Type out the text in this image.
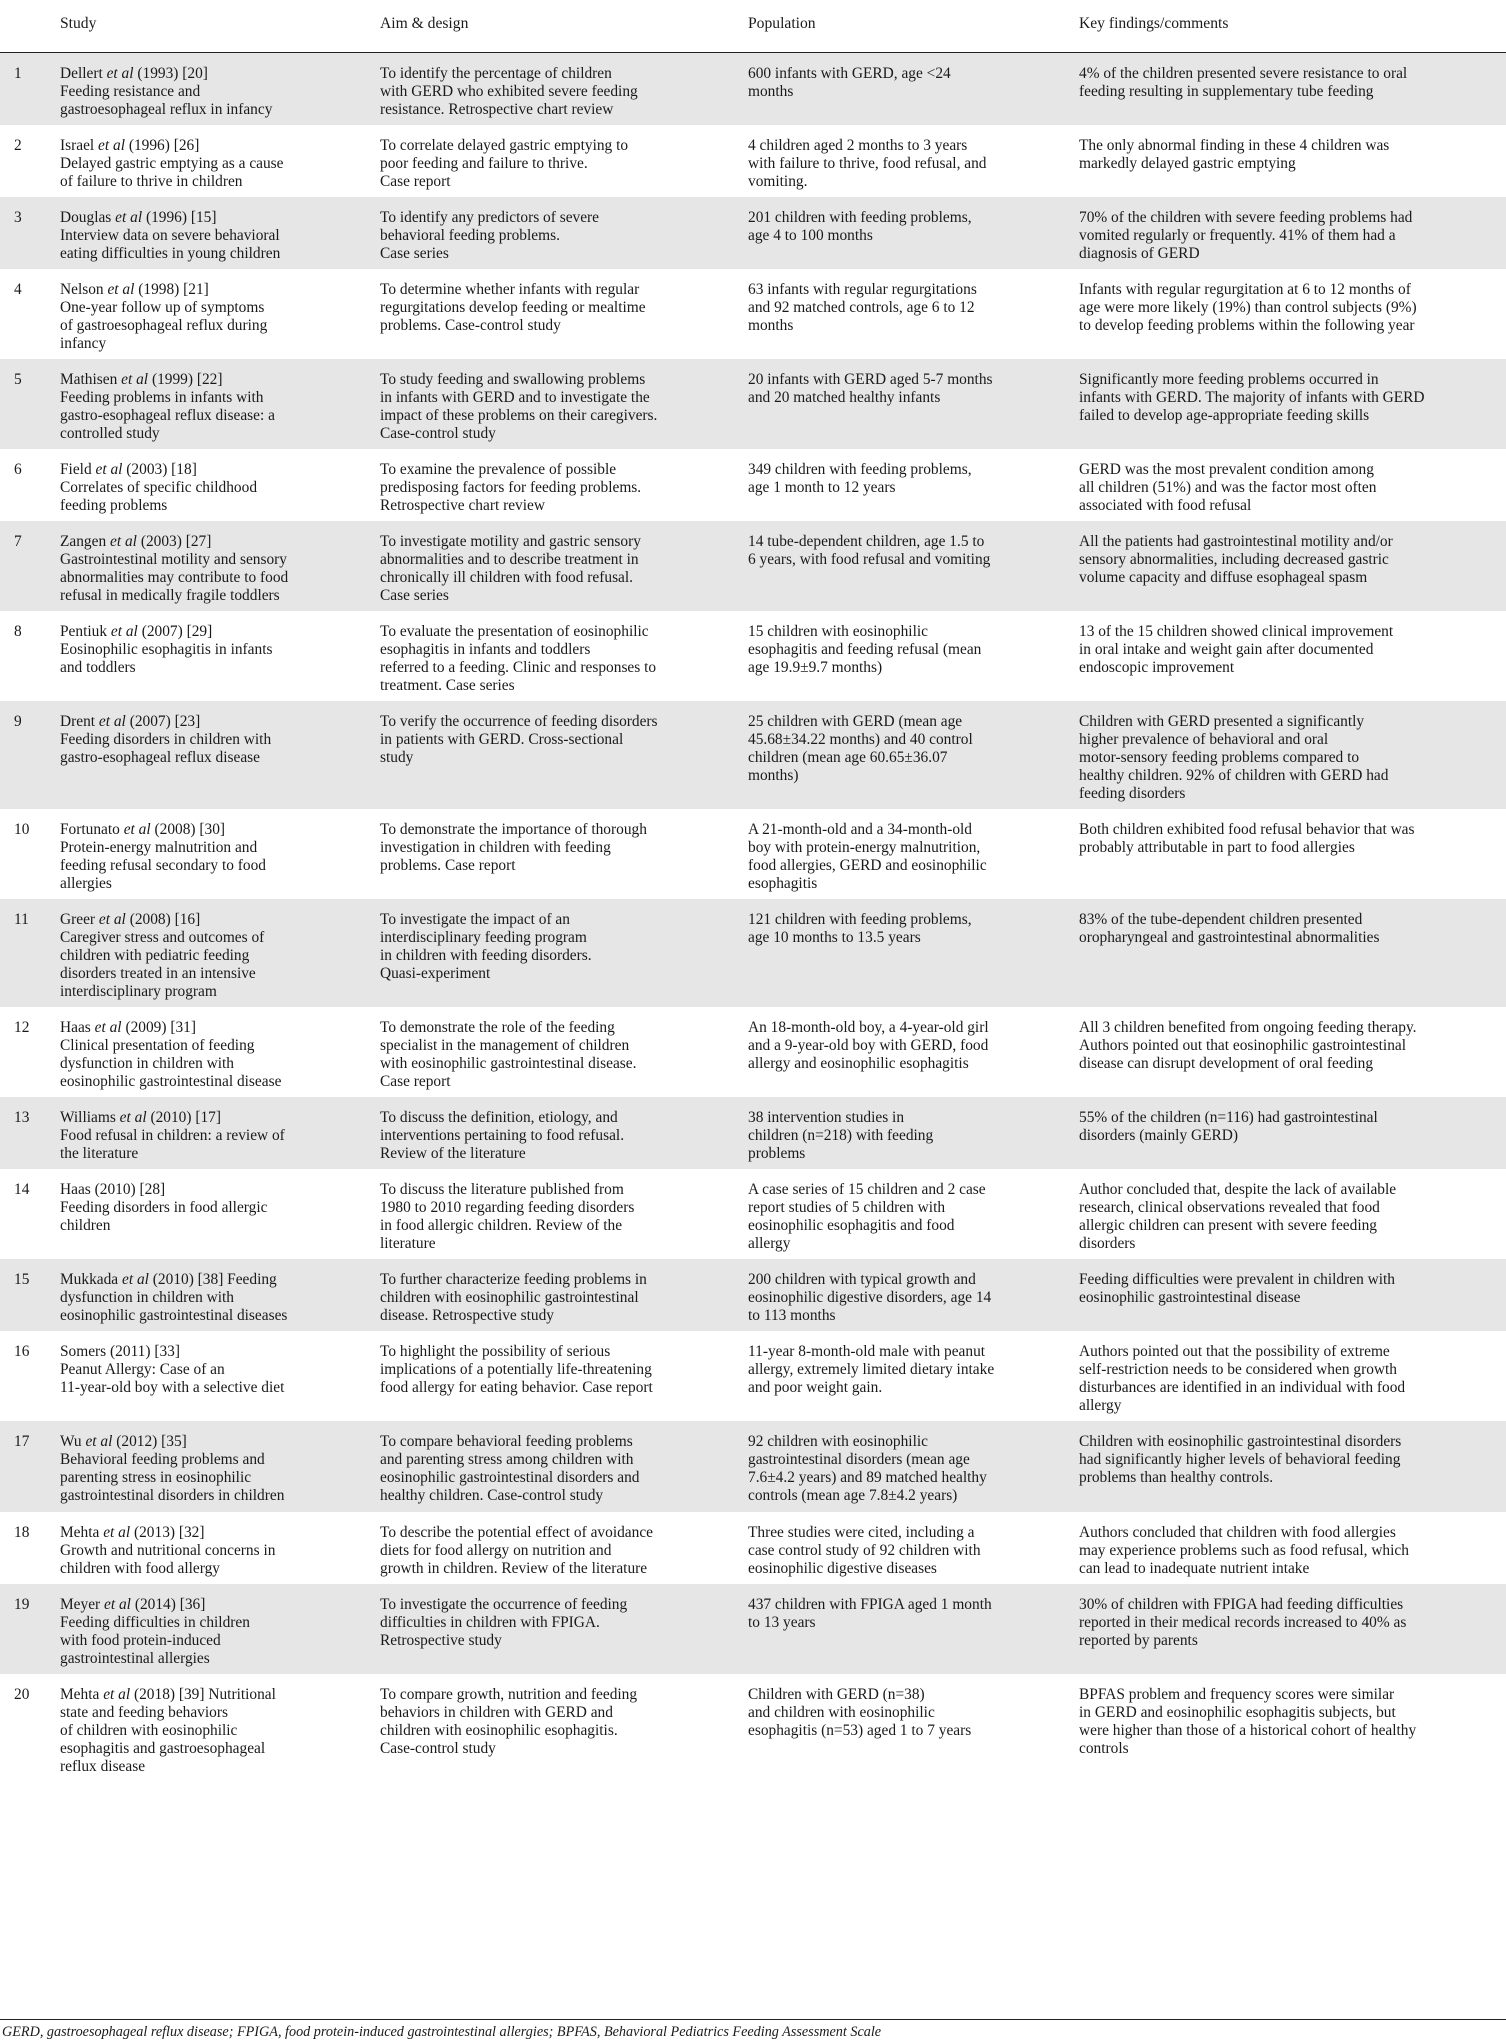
	Study	Aim & design	Population	Key findings/comments
1	Dellert et al (1993) [20]
Feeding resistance and
gastroesophageal reflux in infancy	To identify the percentage of children
with GERD who exhibited severe feeding
resistance. Retrospective chart review	600 infants with GERD, age <24
months	4% of the children presented severe resistance to oral
feeding resulting in supplementary tube feeding
2	Israel et al (1996) [26]
Delayed gastric emptying as a cause
of failure to thrive in children	To correlate delayed gastric emptying to
poor feeding and failure to thrive.
Case report	4 children aged 2 months to 3 years
with failure to thrive, food refusal, and
vomiting.	The only abnormal finding in these 4 children was
markedly delayed gastric emptying
3	Douglas et al (1996) [15]
Interview data on severe behavioral
eating difficulties in young children	To identify any predictors of severe
behavioral feeding problems.
Case series	201 children with feeding problems,
age 4 to 100 months	70% of the children with severe feeding problems had
vomited regularly or frequently. 41% of them had a
diagnosis of GERD
4	Nelson et al (1998) [21]
One-year follow up of symptoms
of gastroesophageal reflux during
infancy	To determine whether infants with regular
regurgitations develop feeding or mealtime
problems. Case-control study	63 infants with regular regurgitations
and 92 matched controls, age 6 to 12
months	Infants with regular regurgitation at 6 to 12 months of
age were more likely (19%) than control subjects (9%)
to develop feeding problems within the following year
5	Mathisen et al (1999) [22]
Feeding problems in infants with
gastro-esophageal reflux disease: a
controlled study	To study feeding and swallowing problems
in infants with GERD and to investigate the
impact of these problems on their caregivers.
Case-control study	20 infants with GERD aged 5-7 months
and 20 matched healthy infants	Significantly more feeding problems occurred in
infants with GERD. The majority of infants with GERD
failed to develop age-appropriate feeding skills
6	Field et al (2003) [18]
Correlates of specific childhood
feeding problems	To examine the prevalence of possible
predisposing factors for feeding problems.
Retrospective chart review	349 children with feeding problems,
age 1 month to 12 years	GERD was the most prevalent condition among
all children (51%) and was the factor most often
associated with food refusal
7	Zangen et al (2003) [27]
Gastrointestinal motility and sensory
abnormalities may contribute to food
refusal in medically fragile toddlers	To investigate motility and gastric sensory
abnormalities and to describe treatment in
chronically ill children with food refusal.
Case series	14 tube-dependent children, age 1.5 to
6 years, with food refusal and vomiting	All the patients had gastrointestinal motility and/or
sensory abnormalities, including decreased gastric
volume capacity and diffuse esophageal spasm
8	Pentiuk et al (2007) [29]
Eosinophilic esophagitis in infants
and toddlers	To evaluate the presentation of eosinophilic
esophagitis in infants and toddlers
referred to a feeding. Clinic and responses to
treatment. Case series	15 children with eosinophilic
esophagitis and feeding refusal (mean
age 19.9±9.7 months)	13 of the 15 children showed clinical improvement
in oral intake and weight gain after documented
endoscopic improvement
9	Drent et al (2007) [23]
Feeding disorders in children with
gastro-esophageal reflux disease	To verify the occurrence of feeding disorders
in patients with GERD. Cross-sectional
study	25 children with GERD (mean age
45.68±34.22 months) and 40 control
children (mean age 60.65±36.07
months)	Children with GERD presented a significantly
higher prevalence of behavioral and oral
motor-sensory feeding problems compared to
healthy children. 92% of children with GERD had
feeding disorders
10	Fortunato et al (2008) [30]
Protein-energy malnutrition and
feeding refusal secondary to food
allergies	To demonstrate the importance of thorough
investigation in children with feeding
problems. Case report	A 21-month-old and a 34-month-old
boy with protein-energy malnutrition,
food allergies, GERD and eosinophilic
esophagitis	Both children exhibited food refusal behavior that was
probably attributable in part to food allergies
11	Greer et al (2008) [16]
Caregiver stress and outcomes of
children with pediatric feeding
disorders treated in an intensive
interdisciplinary program	To investigate the impact of an
interdisciplinary feeding program
in children with feeding disorders.
Quasi-experiment	121 children with feeding problems,
age 10 months to 13.5 years	83% of the tube-dependent children presented
oropharyngeal and gastrointestinal abnormalities
12	Haas et al (2009) [31]
Clinical presentation of feeding
dysfunction in children with
eosinophilic gastrointestinal disease	To demonstrate the role of the feeding
specialist in the management of children
with eosinophilic gastrointestinal disease.
Case report	An 18-month-old boy, a 4-year-old girl
and a 9-year-old boy with GERD, food
allergy and eosinophilic esophagitis	All 3 children benefited from ongoing feeding therapy.
Authors pointed out that eosinophilic gastrointestinal
disease can disrupt development of oral feeding
13	Williams et al (2010) [17]
Food refusal in children: a review of
the literature	To discuss the definition, etiology, and
interventions pertaining to food refusal.
Review of the literature	38 intervention studies in
children (n=218) with feeding
problems	55% of the children (n=116) had gastrointestinal
disorders (mainly GERD)
14	Haas (2010) [28]
Feeding disorders in food allergic
children	To discuss the literature published from
1980 to 2010 regarding feeding disorders
in food allergic children. Review of the
literature	A case series of 15 children and 2 case
report studies of 5 children with
eosinophilic esophagitis and food
allergy	Author concluded that, despite the lack of available
research, clinical observations revealed that food
allergic children can present with severe feeding
disorders
15	Mukkada et al (2010) [38] Feeding
dysfunction in children with
eosinophilic gastrointestinal diseases	To further characterize feeding problems in
children with eosinophilic gastrointestinal
disease. Retrospective study	200 children with typical growth and
eosinophilic digestive disorders, age 14
to 113 months	Feeding difficulties were prevalent in children with
eosinophilic gastrointestinal disease
16	Somers (2011) [33]
Peanut Allergy: Case of an
11-year-old boy with a selective diet	To highlight the possibility of serious
implications of a potentially life-threatening
food allergy for eating behavior. Case report	11-year 8-month-old male with peanut
allergy, extremely limited dietary intake
and poor weight gain.	Authors pointed out that the possibility of extreme
self-restriction needs to be considered when growth
disturbances are identified in an individual with food
allergy
17	Wu et al (2012) [35]
Behavioral feeding problems and
parenting stress in eosinophilic
gastrointestinal disorders in children	To compare behavioral feeding problems
and parenting stress among children with
eosinophilic gastrointestinal disorders and
healthy children. Case-control study	92 children with eosinophilic
gastrointestinal disorders (mean age
7.6±4.2 years) and 89 matched healthy
controls (mean age 7.8±4.2 years)	Children with eosinophilic gastrointestinal disorders
had significantly higher levels of behavioral feeding
problems than healthy controls.
18	Mehta et al (2013) [32]
Growth and nutritional concerns in
children with food allergy	To describe the potential effect of avoidance
diets for food allergy on nutrition and
growth in children. Review of the literature	Three studies were cited, including a
case control study of 92 children with
eosinophilic digestive diseases	Authors concluded that children with food allergies
may experience problems such as food refusal, which
can lead to inadequate nutrient intake
19	Meyer et al (2014) [36]
Feeding difficulties in children
with food protein-induced
gastrointestinal allergies	To investigate the occurrence of feeding
difficulties in children with FPIGA.
Retrospective study	437 children with FPIGA aged 1 month
to 13 years	30% of children with FPIGA had feeding difficulties
reported in their medical records increased to 40% as
reported by parents
20	Mehta et al (2018) [39] Nutritional
state and feeding behaviors
of children with eosinophilic
esophagitis and gastroesophageal
reflux disease	To compare growth, nutrition and feeding
behaviors in children with GERD and
children with eosinophilic esophagitis.
Case-control study	Children with GERD (n=38)
and children with eosinophilic
esophagitis (n=53) aged 1 to 7 years	BPFAS problem and frequency scores were similar
in GERD and eosinophilic esophagitis subjects, but
were higher than those of a historical cohort of healthy
controls
GERD, gastroesophageal reflux disease; FPIGA, food protein-induced gastrointestinal allergies; BPFAS, Behavioral Pediatrics Feeding Assessment Scale
